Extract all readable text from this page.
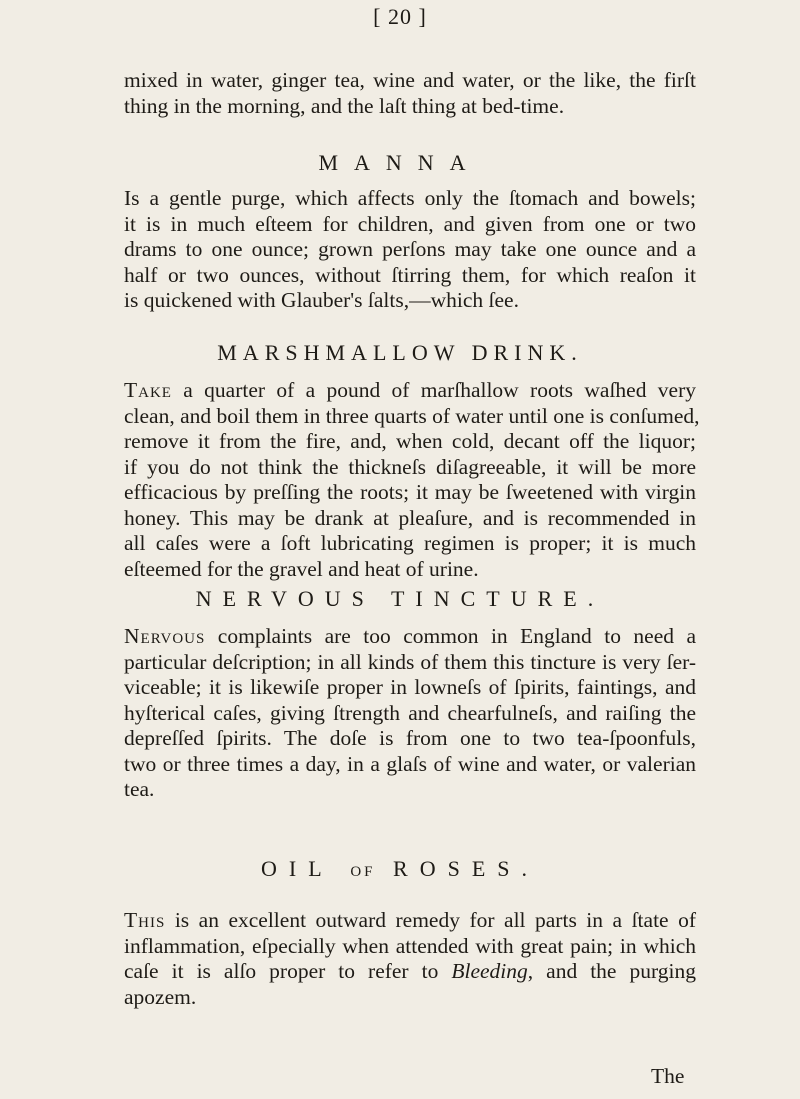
[ 20 ]
mixed in water, ginger tea, wine and water, or the like, the firſt
thing in the morning, and the laſt thing at bed-time.
MANNA
Is a gentle purge, which affects only the ſtomach and bowels;
it is in much eſteem for children, and given from one or two
drams to one ounce; grown perſons may take one ounce and a
half or two ounces, without ſtirring them, for which reaſon it
is quickened with Glauber's ſalts,—which ſee.
MARSHMALLOW DRINK.
Take a quarter of a pound of marſhallow roots waſhed very
clean, and boil them in three quarts of water until one is conſumed,
remove it from the fire, and, when cold, decant off the liquor;
if you do not think the thickneſs diſagreeable, it will be more
efficacious by preſſing the roots; it may be ſweetened with virgin
honey. This may be drank at pleaſure, and is recommended in
all caſes were a ſoft lubricating regimen is proper; it is much
eſteemed for the gravel and heat of urine.
NERVOUS TINCTURE.
Nervous complaints are too common in England to need a
particular deſcription; in all kinds of them this tincture is very ſer-
viceable; it is likewiſe proper in lowneſs of ſpirits, faintings, and
hyſterical caſes, giving ſtrength and chearfulneſs, and raiſing the
depreſſed ſpirits. The doſe is from one to two tea-ſpoonfuls,
two or three times a day, in a glaſs of wine and water, or valerian
tea.
OIL OF ROSES.
This is an excellent outward remedy for all parts in a ſtate of
inflammation, eſpecially when attended with great pain; in which
caſe it is alſo proper to refer to Bleeding, and the purging
apozem.
The
